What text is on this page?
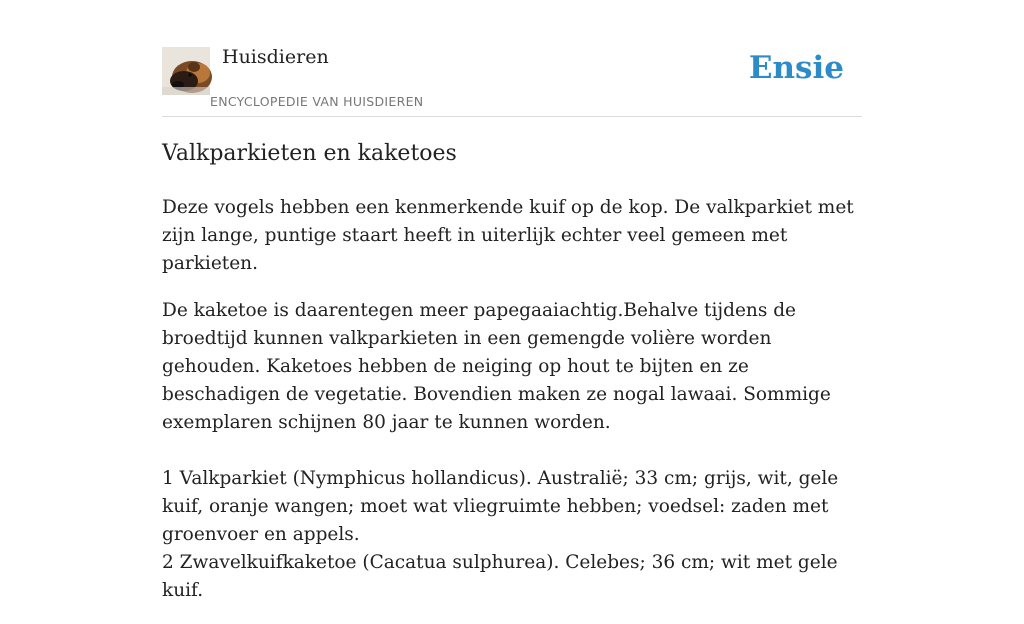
Huisdieren
ENCYCLOPEDIE VAN HUISDIEREN
Ensie
Valkparkieten en kaketoes

Deze vogels hebben een kenmerkende kuif op de kop. De valkparkiet met zijn lange, puntige staart heeft in uiterlijk echter veel gemeen met parkieten.

De kaketoe is daarentegen meer papegaaiachtig.Behalve tijdens de broedtijd kunnen valkparkieten in een gemengde volière worden gehouden. Kaketoes hebben de neiging op hout te bijten en ze beschadigen de vegetatie. Bovendien maken ze nogal lawaai. Sommige exemplaren schijnen 80 jaar te kunnen worden.

1 Valkparkiet (Nymphicus hollandicus). Australië; 33 cm; grijs, wit, gele kuif, oranje wangen; moet wat vliegruimte hebben; voedsel: zaden met groenvoer en appels.
2 Zwavelkuifkaketoe (Cacatua sulphurea). Celebes; 36 cm; wit met gele kuif.
